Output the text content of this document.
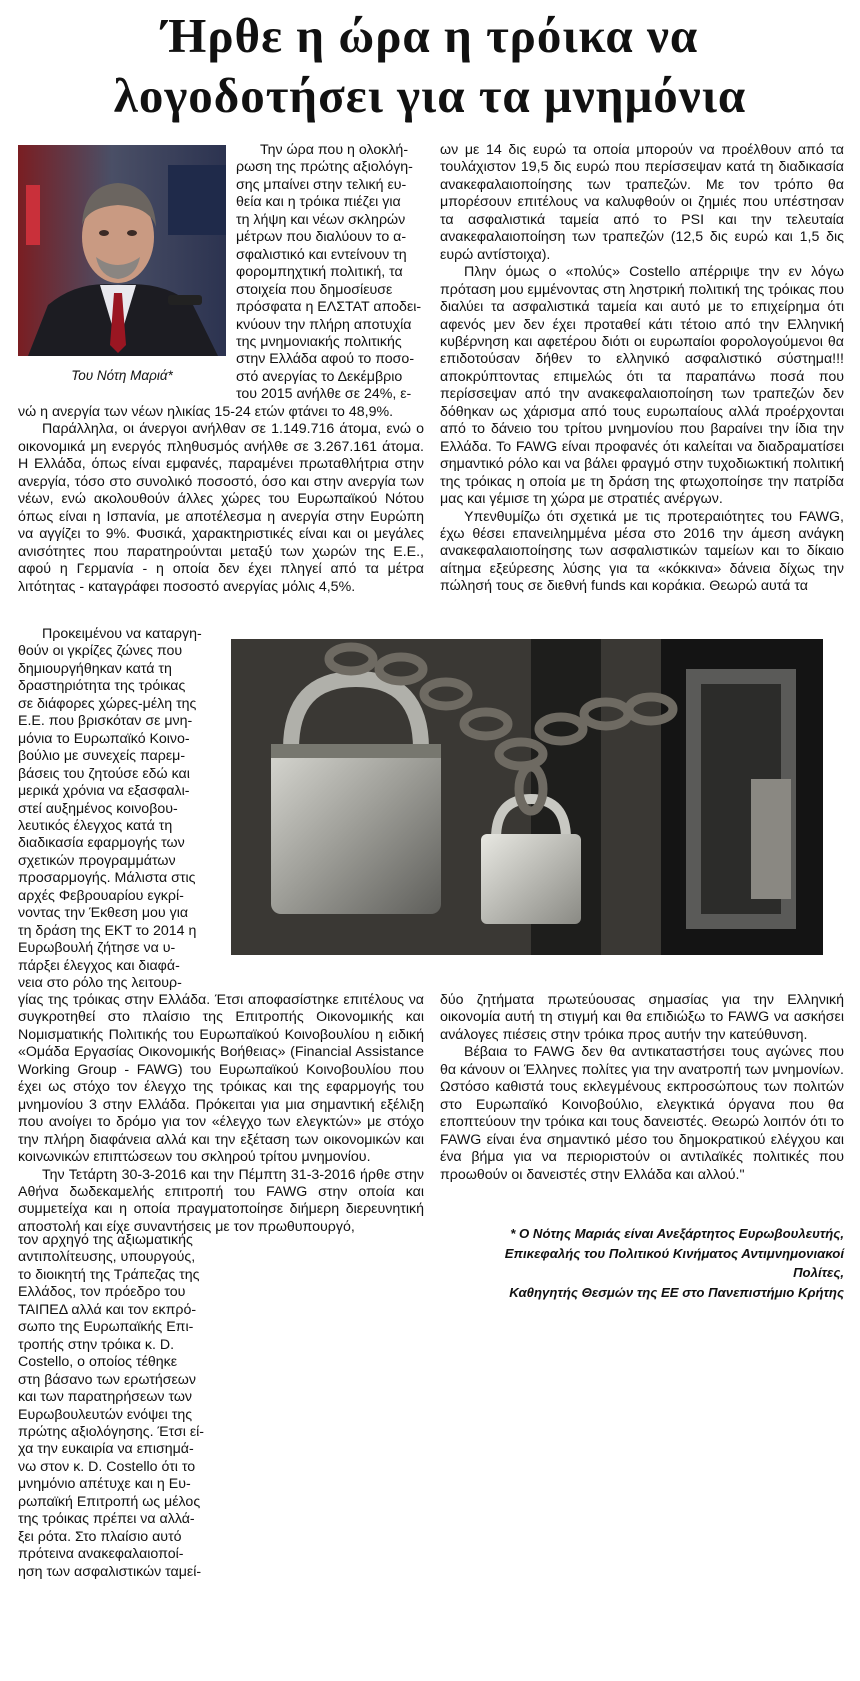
Ήρθε η ώρα η τρόικα να
λογοδοτήσει για τα μνημόνια
Του Νότη Μαριά*

Την ώρα που η ολοκλή-

ρωση της πρώτης αξιολόγη-

σης μπαίνει στην τελική ευ-

θεία και η τρόικα πιέζει για

τη λήψη και νέων σκληρών

μέτρων που διαλύουν το α-

σφαλιστικό και εντείνουν τη

φορομπηχτική πολιτική, τα

στοιχεία που δημοσίευσε

πρόσφατα η ΕΛΣΤΑΤ αποδει-

κνύουν την πλήρη αποτυχία

της μνημονιακής πολιτικής

στην Ελλάδα αφού το ποσο-

στό ανεργίας το Δεκέμβριο

του 2015 ανήλθε σε 24%, ε-

νώ η ανεργία των νέων ηλικίας 15-24 ετών φτάνει το 48,9%.

Παράλληλα, οι άνεργοι ανήλθαν σε 1.149.716 άτομα, ενώ ο οικονομικά μη ενεργός πληθυσμός ανήλθε σε 3.267.161 άτομα. Η Ελλάδα, όπως είναι εμφανές, παραμένει πρωταθλήτρια στην ανεργία, τόσο στο συνολικό ποσοστό, όσο και στην ανεργία των νέων, ενώ ακολουθούν άλλες χώρες του Ευρωπαϊκού Νότου όπως είναι η Ισπανία, με αποτέλεσμα η ανεργία στην Ευρώπη να αγγίζει το 9%. Φυσικά, χαρακτηριστικές είναι και οι μεγάλες ανισότητες που παρατηρούνται μεταξύ των χωρών της Ε.Ε., αφού η Γερμανία - η οποία δεν έχει πληγεί από τα μέτρα λιτότητας - καταγράφει ποσοστό ανεργίας μόλις 4,5%.

Προκειμένου να καταργη-

θούν οι γκρίζες ζώνες που

δημιουργήθηκαν κατά τη

δραστηριότητα της τρόικας

σε διάφορες χώρες-μέλη της

Ε.Ε. που βρισκόταν σε μνη-

μόνια το Ευρωπαϊκό Κοινο-

βούλιο με συνεχείς παρεμ-

βάσεις του ζητούσε εδώ και

μερικά χρόνια να εξασφαλι-

στεί αυξημένος κοινοβου-

λευτικός έλεγχος κατά τη

διαδικασία εφαρμογής των

σχετικών προγραμμάτων

προσαρμογής. Μάλιστα στις

αρχές Φεβρουαρίου εγκρί-

νοντας την Έκθεση μου για

τη δράση της ΕΚΤ το 2014 η

Ευρωβουλή ζήτησε να υ-

πάρξει έλεγχος και διαφά-

νεια στο ρόλο της λειτουρ-

γίας της τρόικας στην Ελλάδα. Έτσι αποφασίστηκε επιτέλους να συγκροτηθεί στο πλαίσιο της Επιτροπής Οικονομικής και Νομισματικής Πολιτικής του Ευρωπαϊκού Κοινοβουλίου η ειδική «Ομάδα Εργασίας Οικονομικής Βοήθειας» (Financial Assistance Working Group - FAWG) του Ευρωπαϊκού Κοινοβουλίου που έχει ως στόχο τον έλεγχο της τρόικας και της εφαρμογής του μνημονίου 3 στην Ελλάδα. Πρόκειται για μια σημαντική εξέλιξη που ανοίγει το δρόμο για τον «έλεγχο των ελεγκτών» με στόχο την πλήρη διαφάνεια αλλά και την εξέταση των οικονομικών και κοινωνικών επιπτώσεων του σκληρού τρίτου μνημονίου.

Την Τετάρτη 30-3-2016 και την Πέμπτη 31-3-2016 ήρθε στην Αθήνα δωδεκαμελής επιτροπή του FAWG στην οποία και συμμετείχα και η οποία πραγματοποίησε διήμερη διερευνητική αποστολή και είχε συναντήσεις με τον πρωθυπουργό,

τον αρχηγό της αξιωματικής

αντιπολίτευσης, υπουργούς,

το διοικητή της Τράπεζας της

Ελλάδος, τον πρόεδρο του

ΤΑΙΠΕΔ αλλά και τον εκπρό-

σωπο της Ευρωπαϊκής Επι-

τροπής στην τρόικα κ. D.

Costello, ο οποίος τέθηκε

στη βάσανο των ερωτήσεων

και των παρατηρήσεων των

Ευρωβουλευτών ενόψει της

πρώτης αξιολόγησης. Έτσι εί-

χα την ευκαιρία να επισημά-

νω στον κ. D. Costello ότι το

μνημόνιο απέτυχε και η Ευ-

ρωπαϊκή Επιτροπή ως μέλος

της τρόικας πρέπει να αλλά-

ξει ρότα. Στο πλαίσιο αυτό

πρότεινα ανακεφαλαιοποί-

ηση των ασφαλιστικών ταμεί-

ων με 14 δις ευρώ τα οποία μπορούν να προέλθουν από τα τουλάχιστον 19,5 δις ευρώ που περίσσεψαν κατά τη διαδικασία ανακεφαλαιοποίησης των τραπεζών. Με τον τρόπο θα μπορέσουν επιτέλους να καλυφθούν οι ζημιές που υπέστησαν τα ασφαλιστικά ταμεία από το PSI και την τελευταία ανακεφαλαιοποίηση των τραπεζών (12,5 δις ευρώ και 1,5 δις ευρώ αντίστοιχα).

Πλην όμως ο «πολύς» Costello απέρριψε την εν λόγω πρόταση μου εμμένοντας στη ληστρική πολιτική της τρόικας που διαλύει τα ασφαλιστικά ταμεία και αυτό με το επιχείρημα ότι αφενός μεν δεν έχει προταθεί κάτι τέτοιο από την Ελληνική κυβέρνηση και αφετέρου διότι οι ευρωπαίοι φορολογούμενοι θα επιδοτούσαν δήθεν το ελληνικό ασφαλιστικό σύστημα!!! αποκρύπτοντας επιμελώς ότι τα παραπάνω ποσά που περίσσεψαν από την ανακεφαλαιοποίηση των τραπεζών δεν δόθηκαν ως χάρισμα από τους ευρωπαίους αλλά προέρχονται από το δάνειο του τρίτου μνημονίου που βαραίνει την ίδια την Ελλάδα. Το FAWG είναι προφανές ότι καλείται να διαδραματίσει σημαντικό ρόλο και να βάλει φραγμό στην τυχοδιωκτική πολιτική της τρόικας η οποία με τη δράση της φτωχοποίησε την πατρίδα μας και γέμισε τη χώρα με στρατιές ανέργων.

Υπενθυμίζω ότι σχετικά με τις προτεραιότητες του FAWG, έχω θέσει επανειλημμένα μέσα στο 2016 την άμεση ανάγκη ανακεφαλαιοποίησης των ασφαλιστικών ταμείων και το δίκαιο αίτημα εξεύρεσης λύσης για τα «κόκκινα» δάνεια δίχως την πώλησή τους σε διεθνή funds και κοράκια. Θεωρώ αυτά τα

δύο ζητήματα πρωτεύουσας σημασίας για την Ελληνική οικονομία αυτή τη στιγμή και θα επιδιώξω το FAWG να ασκήσει ανάλογες πιέσεις στην τρόικα προς αυτήν την κατεύθυνση.

Βέβαια το FAWG δεν θα αντικαταστήσει τους αγώνες που θα κάνουν οι Έλληνες πολίτες για την ανατροπή των μνημονίων. Ωστόσο καθιστά τους εκλεγμένους εκπροσώπους των πολιτών στο Ευρωπαϊκό Κοινοβούλιο, ελεγκτικά όργανα που θα εποπτεύουν την τρόικα και τους δανειστές. Θεωρώ λοιπόν ότι το FAWG είναι ένα σημαντικό μέσο του δημοκρατικού ελέγχου και ένα βήμα για να περιοριστούν οι αντιλαϊκές πολιτικές που προωθούν οι δανειστές στην Ελλάδα και αλλού."

* Ο Νότης Μαριάς είναι Ανεξάρτητος Ευρωβουλευτής,
Επικεφαλής του Πολιτικού Κινήματος Αντιμνημονιακοί Πολίτες,
Καθηγητής Θεσμών της ΕΕ στο Πανεπιστήμιο Κρήτης
